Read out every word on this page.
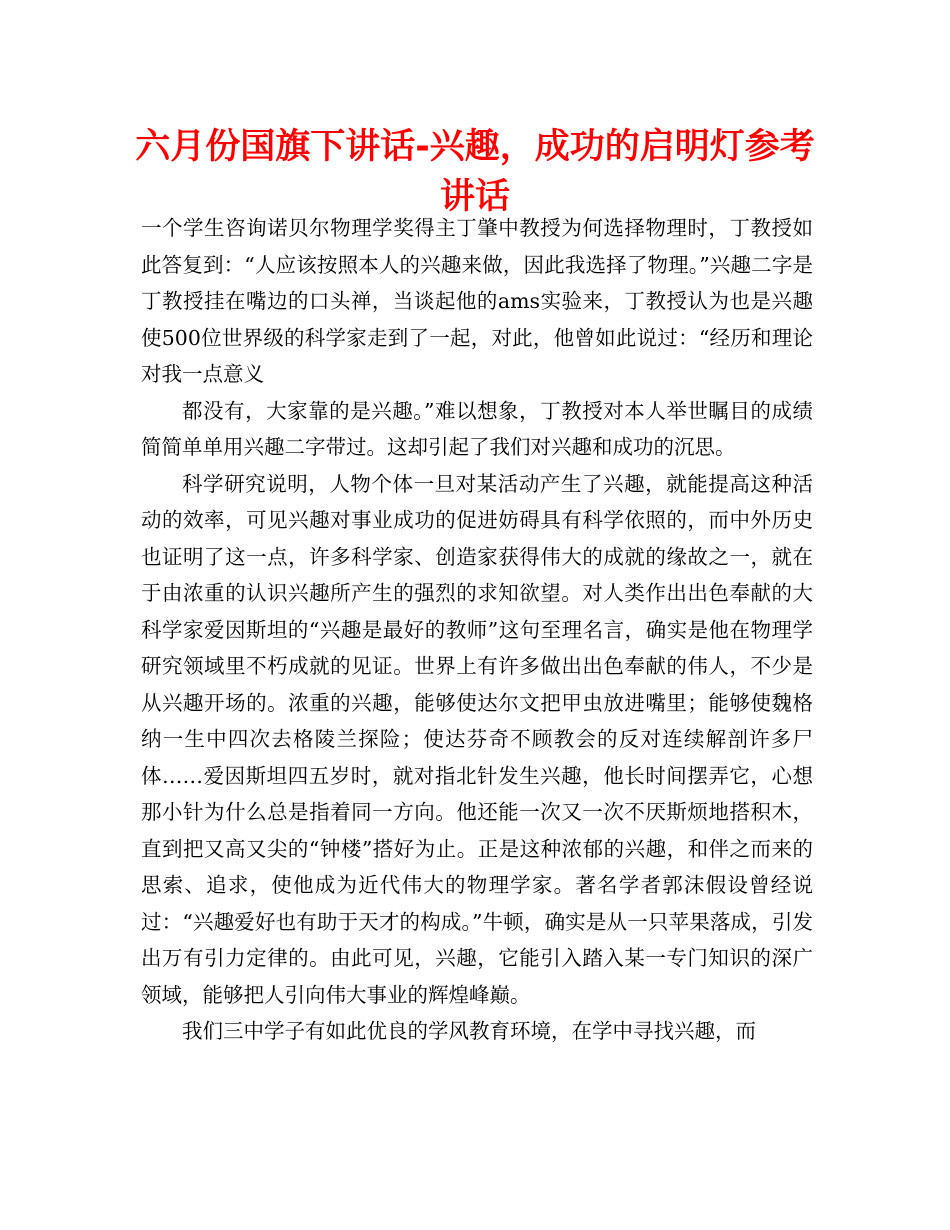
六月份国旗下讲话-兴趣，成功的启明灯参考讲话

一个学生咨询诺贝尔物理学奖得主丁肇中教授为何选择物理时，丁教授如此答复到：“人应该按照本人的兴趣来做，因此我选择了物理。”兴趣二字是丁教授挂在嘴边的口头禅，当谈起他的ams实验来，丁教授认为也是兴趣使500位世界级的科学家走到了一起，对此，他曾如此说过：“经历和理论对我一点意义

都没有，大家靠的是兴趣。”难以想象，丁教授对本人举世瞩目的成绩简简单单用兴趣二字带过。这却引起了我们对兴趣和成功的沉思。

科学研究说明，人物个体一旦对某活动产生了兴趣，就能提高这种活动的效率，可见兴趣对事业成功的促进妨碍具有科学依照的，而中外历史也证明了这一点，许多科学家、创造家获得伟大的成就的缘故之一，就在于由浓重的认识兴趣所产生的强烈的求知欲望。对人类作出出色奉献的大科学家爱因斯坦的“兴趣是最好的教师”这句至理名言，确实是他在物理学研究领域里不朽成就的见证。世界上有许多做出出色奉献的伟人，不少是从兴趣开场的。浓重的兴趣，能够使达尔文把甲虫放进嘴里；能够使魏格纳一生中四次去格陵兰探险；使达芬奇不顾教会的反对连续解剖许多尸体……爱因斯坦四五岁时，就对指北针发生兴趣，他长时间摆弄它，心想那小针为什么总是指着同一方向。他还能一次又一次不厌斯烦地搭积木，直到把又高又尖的“钟楼”搭好为止。正是这种浓郁的兴趣，和伴之而来的思索、追求，使他成为近代伟大的物理学家。著名学者郭沫假设曾经说过：“兴趣爱好也有助于天才的构成。”牛顿，确实是从一只苹果落成，引发出万有引力定律的。由此可见，兴趣，它能引入踏入某一专门知识的深广领域，能够把人引向伟大事业的辉煌峰巅。

我们三中学子有如此优良的学风教育环境，在学中寻找兴趣，而
